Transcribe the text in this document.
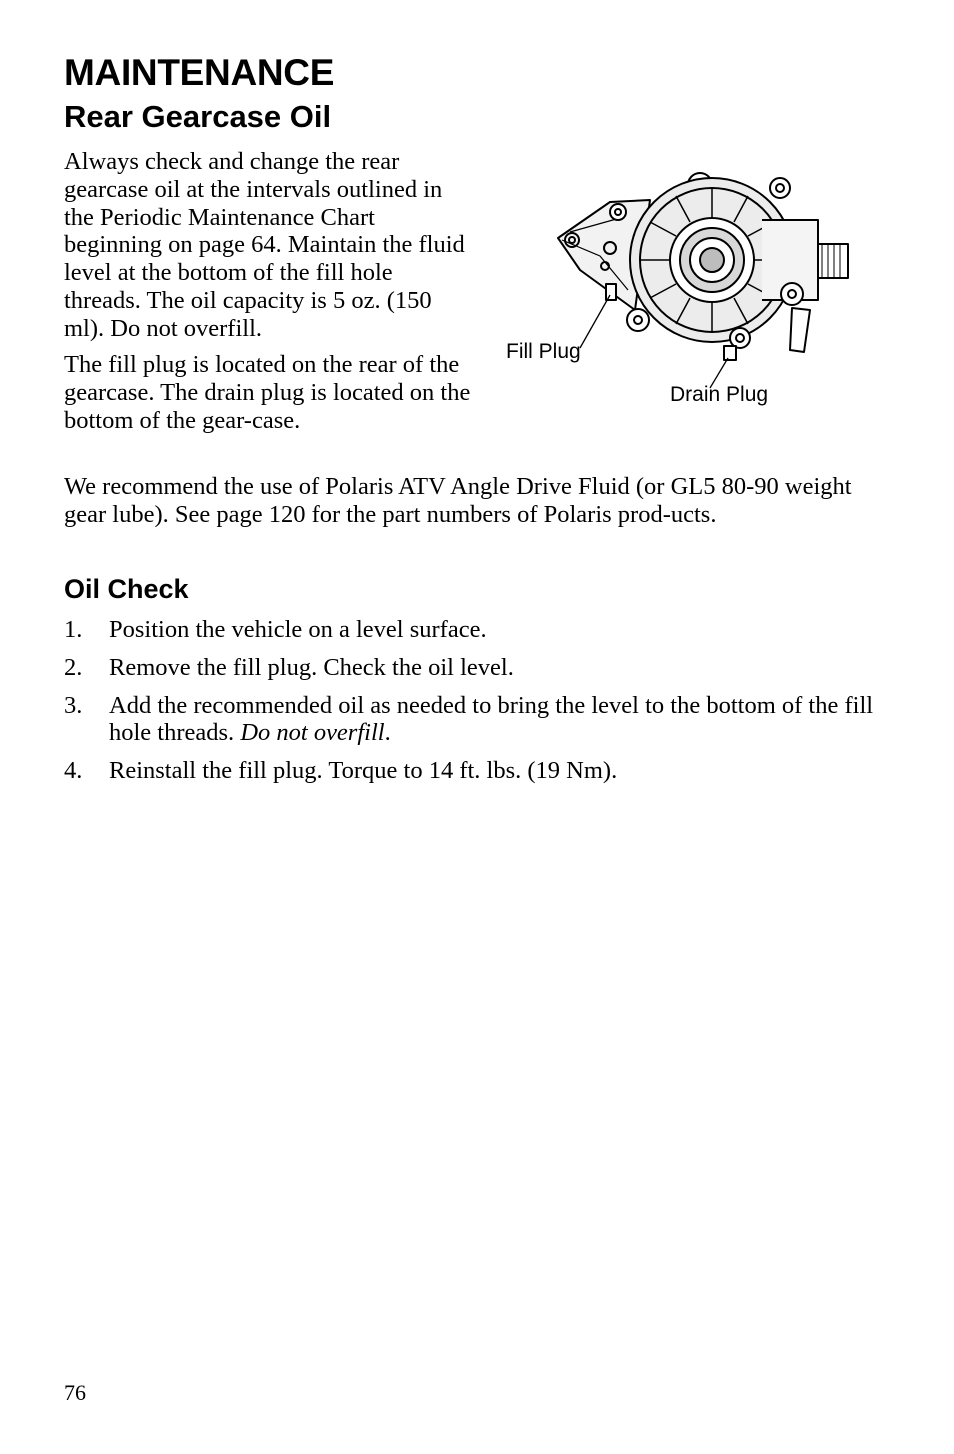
MAINTENANCE
Rear Gearcase Oil

Always check and change the rear gearcase oil at the intervals outlined in the Periodic Maintenance Chart beginning on page 64. Maintain the fluid level at the bottom of the fill hole threads. The oil capacity is 5 oz. (150 ml). Do not overfill.

The fill plug is located on the rear of the gearcase. The drain plug is located on the bottom of the gear-case.

We recommend the use of Polaris ATV Angle Drive Fluid (or GL5 80-90 weight gear lube). See page 120 for the part numbers of Polaris prod-ucts.

Fill Plug
Drain Plug
Oil Check
1. Position the vehicle on a level surface.
2. Remove the fill plug. Check the oil level.
3. Add the recommended oil as needed to bring the level to the bottom of the fill hole threads. Do not overfill.
4. Reinstall the fill plug. Torque to 14 ft. lbs. (19 Nm).
76
